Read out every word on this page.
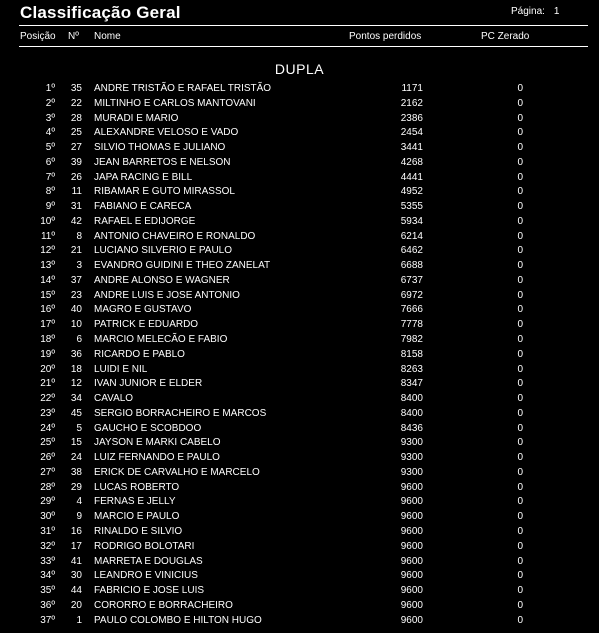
Classificação Geral	Página: 1
Posição Nº Nome	Pontos perdidos	PC Zerado
DUPLA
1º	35 ANDRE TRISTÃO E RAFAEL TRISTÃO	1171	0
2º	22 MILTINHO E CARLOS MANTOVANI	2162	0
3º	28 MURADI E MARIO	2386	0
4º	25 ALEXANDRE VELOSO E VADO	2454	0
5º	27 SILVIO THOMAS E JULIANO	3441	0
6º	39 JEAN BARRETOS E NELSON	4268	0
7º	26 JAPA RACING E BILL	4441	0
8º	11 RIBAMAR E GUTO MIRASSOL	4952	0
9º	31 FABIANO E CARECA	5355	0
10º	42 RAFAEL E EDIJORGE	5934	0
11º	8 ANTONIO CHAVEIRO E RONALDO	6214	0
12º	21 LUCIANO SILVERIO E PAULO	6462	0
13º	3 EVANDRO GUIDINI E THEO ZANELAT	6688	0
14º	37 ANDRE ALONSO E WAGNER	6737	0
15º	23 ANDRE LUIS E JOSE ANTONIO	6972	0
16º	40 MAGRO E GUSTAVO	7666	0
17º	10 PATRICK E EDUARDO	7778	0
18º	6 MARCIO MELECÃO E FABIO	7982	0
19º	36 RICARDO E PABLO	8158	0
20º	18 LUIDI E NIL	8263	0
21º	12 IVAN JUNIOR E ELDER	8347	0
22º	34 CAVALO	8400	0
23º	45 SERGIO BORRACHEIRO E MARCOS	8400	0
24º	5 GAUCHO E SCOBDOO	8436	0
25º	15 JAYSON E MARKI CABELO	9300	0
26º	24 LUIZ FERNANDO E PAULO	9300	0
27º	38 ERICK DE CARVALHO E MARCELO	9300	0
28º	29 LUCAS ROBERTO	9600	0
29º	4 FERNAS E JELLY	9600	0
30º	9 MARCIO E PAULO	9600	0
31º	16 RINALDO E SILVIO	9600	0
32º	17 RODRIGO BOLOTARI	9600	0
33º	41 MARRETA E DOUGLAS	9600	0
34º	30 LEANDRO E VINICIUS	9600	0
35º	44 FABRICIO E JOSE LUIS	9600	0
36º	20 CORORRO E BORRACHEIRO	9600	0
37º	1 PAULO COLOMBO E HILTON HUGO	9600	0
